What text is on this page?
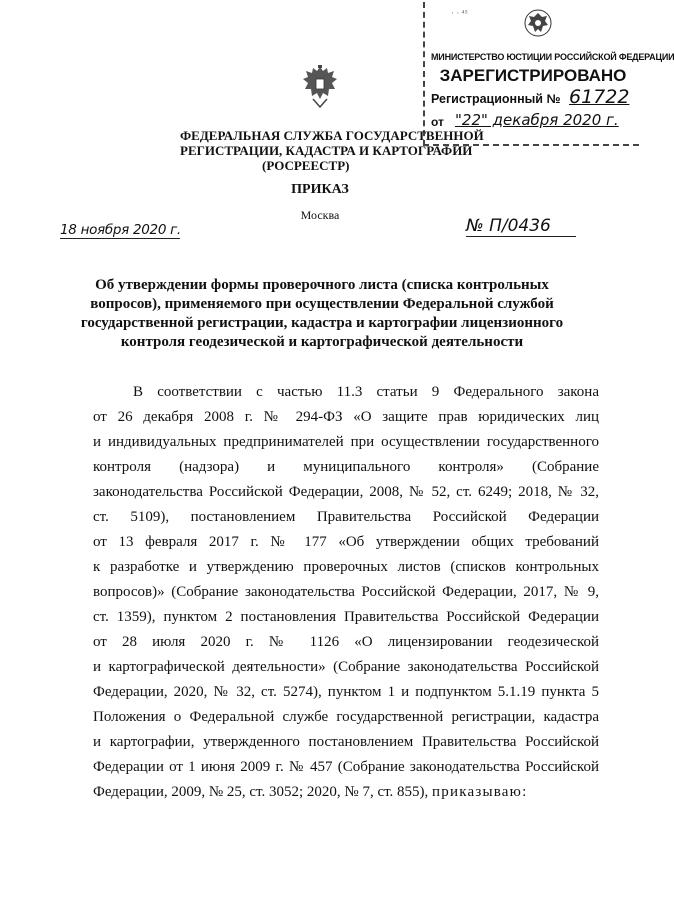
· · ⁴⁵
МИНИСТЕРСТВО ЮСТИЦИИ РОССИЙСКОЙ ФЕДЕРАЦИИ
ЗАРЕГИСТРИРОВАНО
Регистрационный № 61722
от "22" декабря 2020 г.
ФЕДЕРАЛЬНАЯ СЛУЖБА ГОСУДАРСТВЕННОЙ
РЕГИСТРАЦИИ, КАДАСТРА И КАРТОГРАФИИ
(РОСРЕЕСТР)
ПРИКАЗ
Москва
18 ноября 2020 г.	№ П/0436
Об утверждении формы проверочного листа (списка контрольных
вопросов), применяемого при осуществлении Федеральной службой
государственной регистрации, кадастра и картографии лицензионного
контроля геодезической и картографической деятельности
В соответствии с частью 11.3 статьи 9 Федерального закона
от 26 декабря 2008 г. № 294-ФЗ «О защите прав юридических лиц
и индивидуальных предпринимателей при осуществлении государственного
контроля (надзора) и муниципального контроля» (Собрание
законодательства Российской Федерации, 2008, № 52, ст. 6249; 2018, № 32,
ст. 5109), постановлением Правительства Российской Федерации
от 13 февраля 2017 г. № 177 «Об утверждении общих требований
к разработке и утверждению проверочных листов (списков контрольных
вопросов)» (Собрание законодательства Российской Федерации, 2017, № 9,
ст. 1359), пунктом 2 постановления Правительства Российской Федерации
от 28 июля 2020 г. № 1126 «О лицензировании геодезической
и картографической деятельности» (Собрание законодательства Российской
Федерации, 2020, № 32, ст. 5274), пунктом 1 и подпунктом 5.1.19 пункта 5
Положения о Федеральной службе государственной регистрации, кадастра
и картографии, утвержденного постановлением Правительства Российской
Федерации от 1 июня 2009 г. № 457 (Собрание законодательства Российской
Федерации, 2009, № 25, ст. 3052; 2020, № 7, ст. 855), приказываю:
